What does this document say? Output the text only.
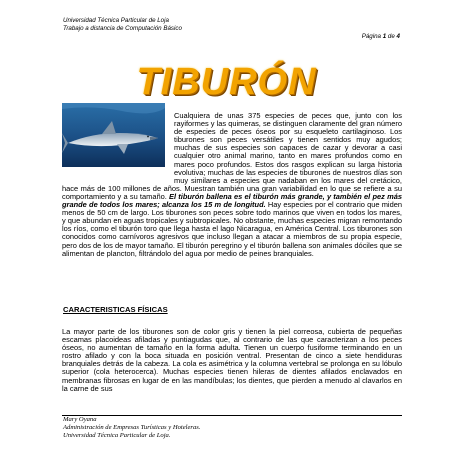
Universidad Técnica Particular de Loja
Trabajo a distancia de Computación Básico
Página 1 de 4
TIBURÓN

Cualquiera de unas 375 especies de peces que, junto con los rayiformes y las quimeras, se distinguen claramente del gran número de especies de peces óseos por su esqueleto cartilaginoso. Los tiburones son peces versátiles y tienen sentidos muy agudos; muchas de sus especies son capaces de cazar y devorar a casi cualquier otro animal marino, tanto en mares profundos como en mares poco profundos. Estos dos rasgos explican su larga historia evolutiva; muchas de las especies de tiburones de nuestros días son muy similares a especies que nadaban en los mares del cretácico, hace más de 100 millones de años. Muestran también una gran variabilidad en lo que se refiere a su comportamiento y a su tamaño. El tiburón ballena es el tiburón más grande, y también el pez más grande de todos los mares; alcanza los 15 m de longitud. Hay especies por el contrario que miden menos de 50 cm de largo. Los tiburones son peces sobre todo marinos que viven en todos los mares, y que abundan en aguas tropicales y subtropicales. No obstante, muchas especies migran remontando los ríos, como el tiburón toro que llega hasta el lago Nicaragua, en América Central. Los tiburones son conocidos como carnívoros agresivos que incluso llegan a atacar a miembros de su propia especie, pero dos de los de mayor tamaño. El tiburón peregrino y el tiburón ballena son animales dóciles que se alimentan de plancton, filtrándolo del agua por medio de peines branquiales.

CARACTERISTICAS FÍSICAS

La mayor parte de los tiburones son de color gris y tienen la piel correosa, cubierta de pequeñas escamas placoideas afiladas y puntiagudas que, al contrario de las que caracterizan a los peces óseos, no aumentan de tamaño en la forma adulta. Tienen un cuerpo fusiforme terminando en un rostro afilado y con la boca situada en posición ventral. Presentan de cinco a siete hendiduras branquiales detrás de la cabeza. La cola es asimétrica y la columna vertebral se prolonga en su lóbulo superior (cola heterocerca). Muchas especies tienen hileras de dientes afilados enclavados en membranas fibrosas en lugar de en las mandíbulas; los dientes, que pierden a menudo al clavarlos en la carne de sus

Mary Oyana
Administración de Empresas Turísticas y Hoteleras.
Universidad Técnica Particular de Loja.
